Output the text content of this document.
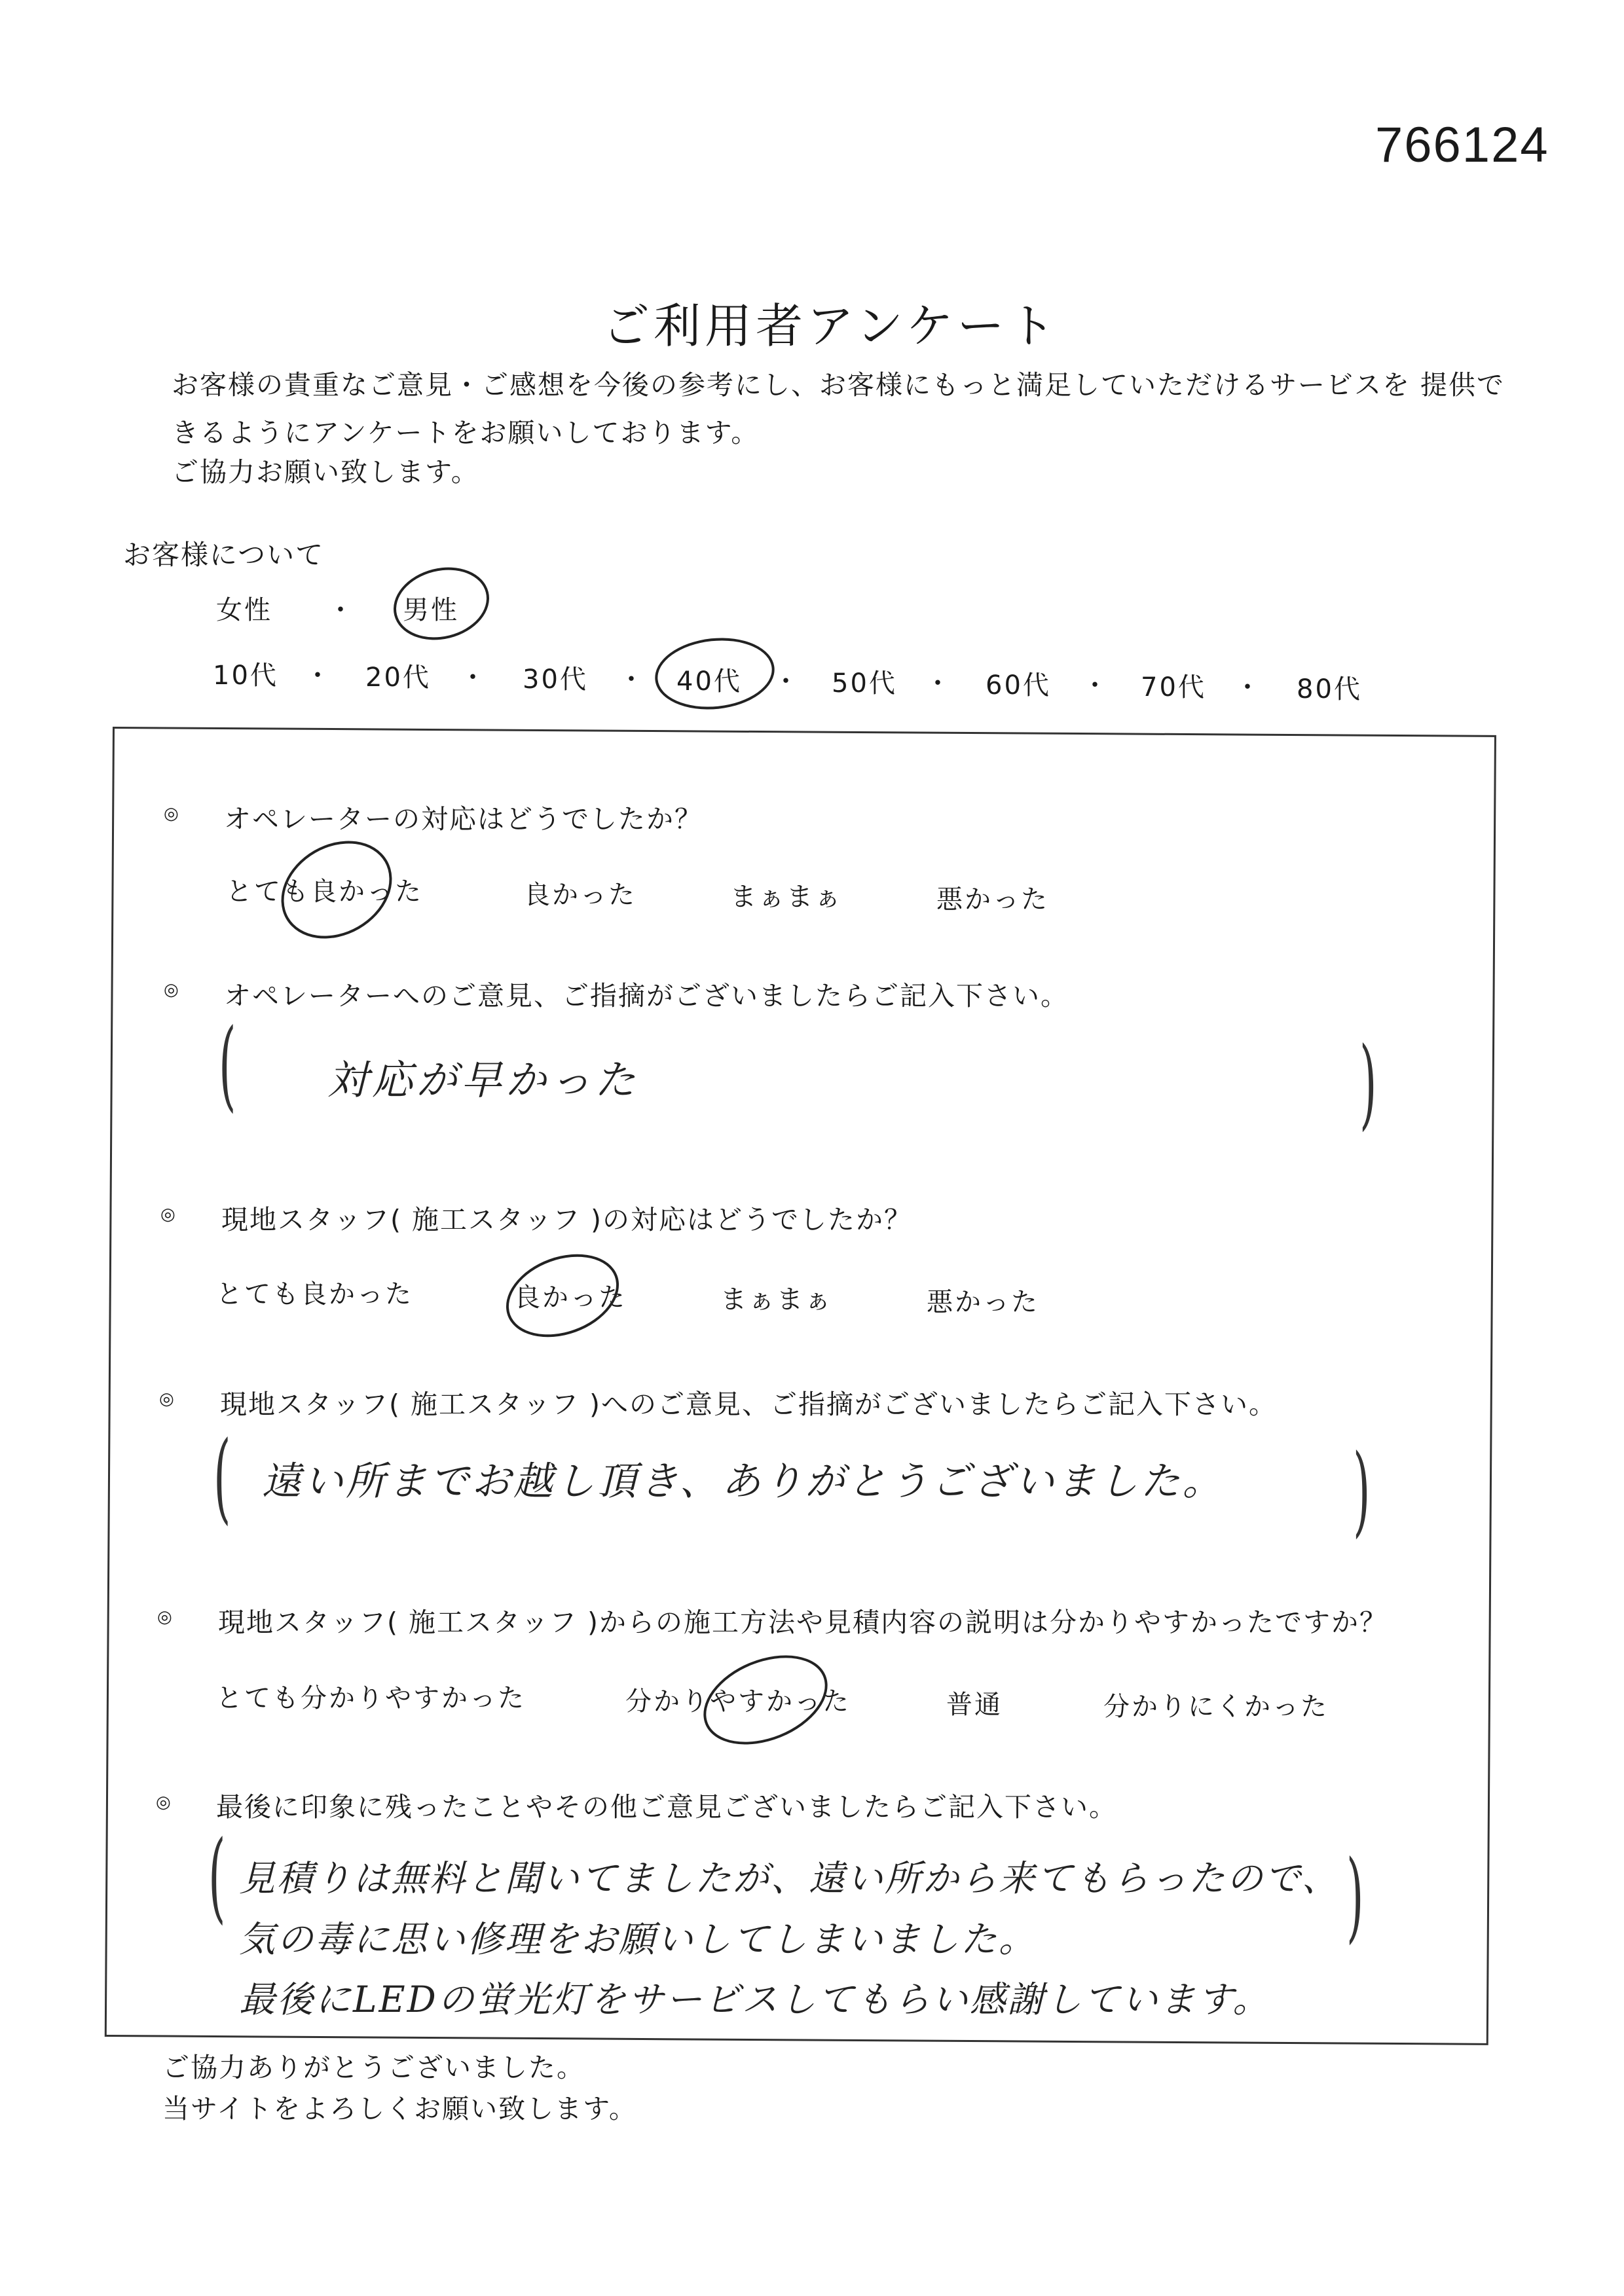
766124
ご利用者アンケート
お客様の貴重なご意見・ご感想を今後の参考にし、お客様にもっと満足していただけるサービスを 提供で
きるようにアンケートをお願いしております。
ご協力お願い致します。
お客様について
女性 ・ 男性
10代 ・ 20代 ・ 30代 ・ 40代 ・ 50代 ・ 60代 ・ 70代 ・ 80代
◎ オペレーターの対応はどうでしたか？
とても良かった	良かった	まぁまぁ	悪かった
◎ オペレーターへのご意見、ご指摘がございましたらご記入下さい。
(	)
対応が早かった
◎ 現地スタッフ( 施工スタッフ )の対応はどうでしたか？
とても良かった	良かった	まぁまぁ	悪かった
◎ 現地スタッフ( 施工スタッフ )へのご意見、ご指摘がございましたらご記入下さい。
(	)
遠い所までお越し頂き、ありがとうございました。
◎ 現地スタッフ( 施工スタッフ )からの施工方法や見積内容の説明は分かりやすかったですか？
とても分かりやすかった	分かりやすかった	普通	分かりにくかった
◎ 最後に印象に残ったことやその他ご意見ございましたらご記入下さい。
(	)
見積りは無料と聞いてましたが、遠い所から来てもらったので、
気の毒に思い修理をお願いしてしまいました。
最後にLEDの蛍光灯をサービスしてもらい感謝しています。
ご協力ありがとうございました。
当サイトをよろしくお願い致します。
